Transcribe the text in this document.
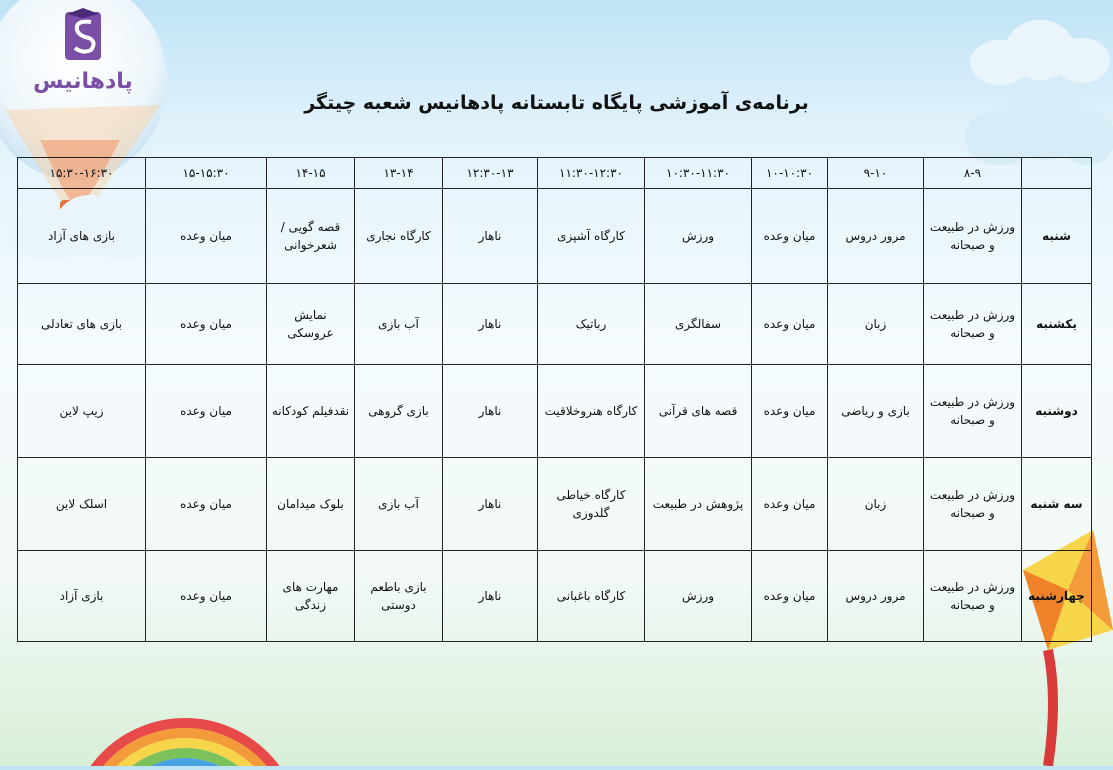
پادهانیس
برنامه‌ی آموزشی پایگاه تابستانه پادهانیس شعبه چیتگر
	۸-۹	۹-۱۰	۱۰-۱۰:۳۰	۱۰:۳۰-۱۱:۳۰	۱۱:۳۰-۱۲:۳۰	۱۲:۳۰-۱۳	۱۳-۱۴	۱۴-۱۵	۱۵-۱۵:۳۰	۱۵:۳۰-۱۶:۳۰
شنبه	ورزش در طبیعت و صبحانه	مرور دروس	میان وعده	ورزش	کارگاه آشپزی	ناهار	کارگاه نجاری	قصه گویی /شعرخوانی	میان وعده	بازی های آزاد
یکشنبه	ورزش در طبیعت و صبحانه	زبان	میان وعده	سفالگری	رباتیک	ناهار	آب بازی	نمایش عروسکی	میان وعده	بازی های تعادلی
دوشنبه	ورزش در طبیعت و صبحانه	بازی و ریاضی	میان وعده	قصه های قرآنی	کارگاه هنروخلاقیت	ناهار	بازی گروهی	نقدفیلم کودکانه	میان وعده	زیپ لاین
سه شنبه	ورزش در طبیعت و صبحانه	زبان	میان وعده	پژوهش در طبیعت	کارگاه خیاطی گلدوزی	ناهار	آب بازی	بلوک میدامان	میان وعده	اسلک لاین
چهارشنبه	ورزش در طبیعت و صبحانه	مرور دروس	میان وعده	ورزش	کارگاه باغبانی	ناهار	بازی باطعم دوستی	مهارت های زندگی	میان وعده	بازی آزاد
